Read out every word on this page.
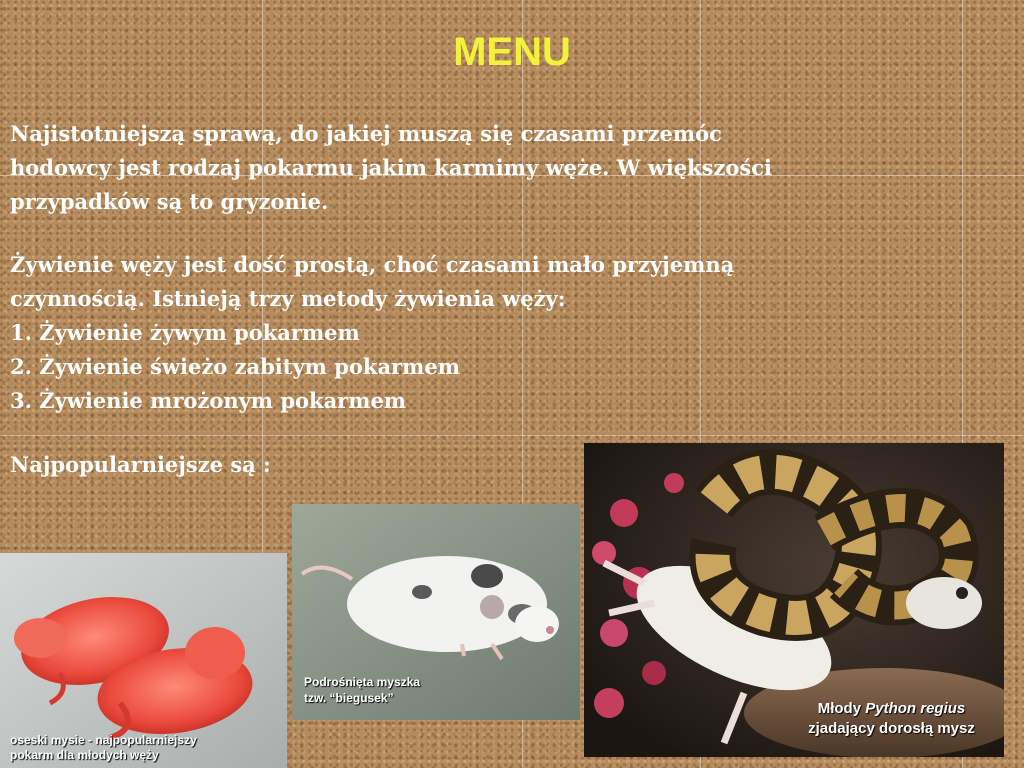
MENU
Najistotniejszą sprawą, do jakiej muszą się czasami przemóc
hodowcy jest rodzaj pokarmu jakim karmimy węże. W większości
przypadków są to gryzonie.
Żywienie węży jest dość prostą, choć czasami mało przyjemną
czynnością. Istnieją trzy metody żywienia węży:
1. Żywienie żywym pokarmem
2. Żywienie świeżo zabitym pokarmem
3. Żywienie mrożonym pokarmem
Najpopularniejsze są :
oseski mysie - najpopularniejszy
pokarm dla młodych węży
Podrośnięta myszka
tzw. “biegusek”
Młody Python regius
zjadający dorosłą mysz
